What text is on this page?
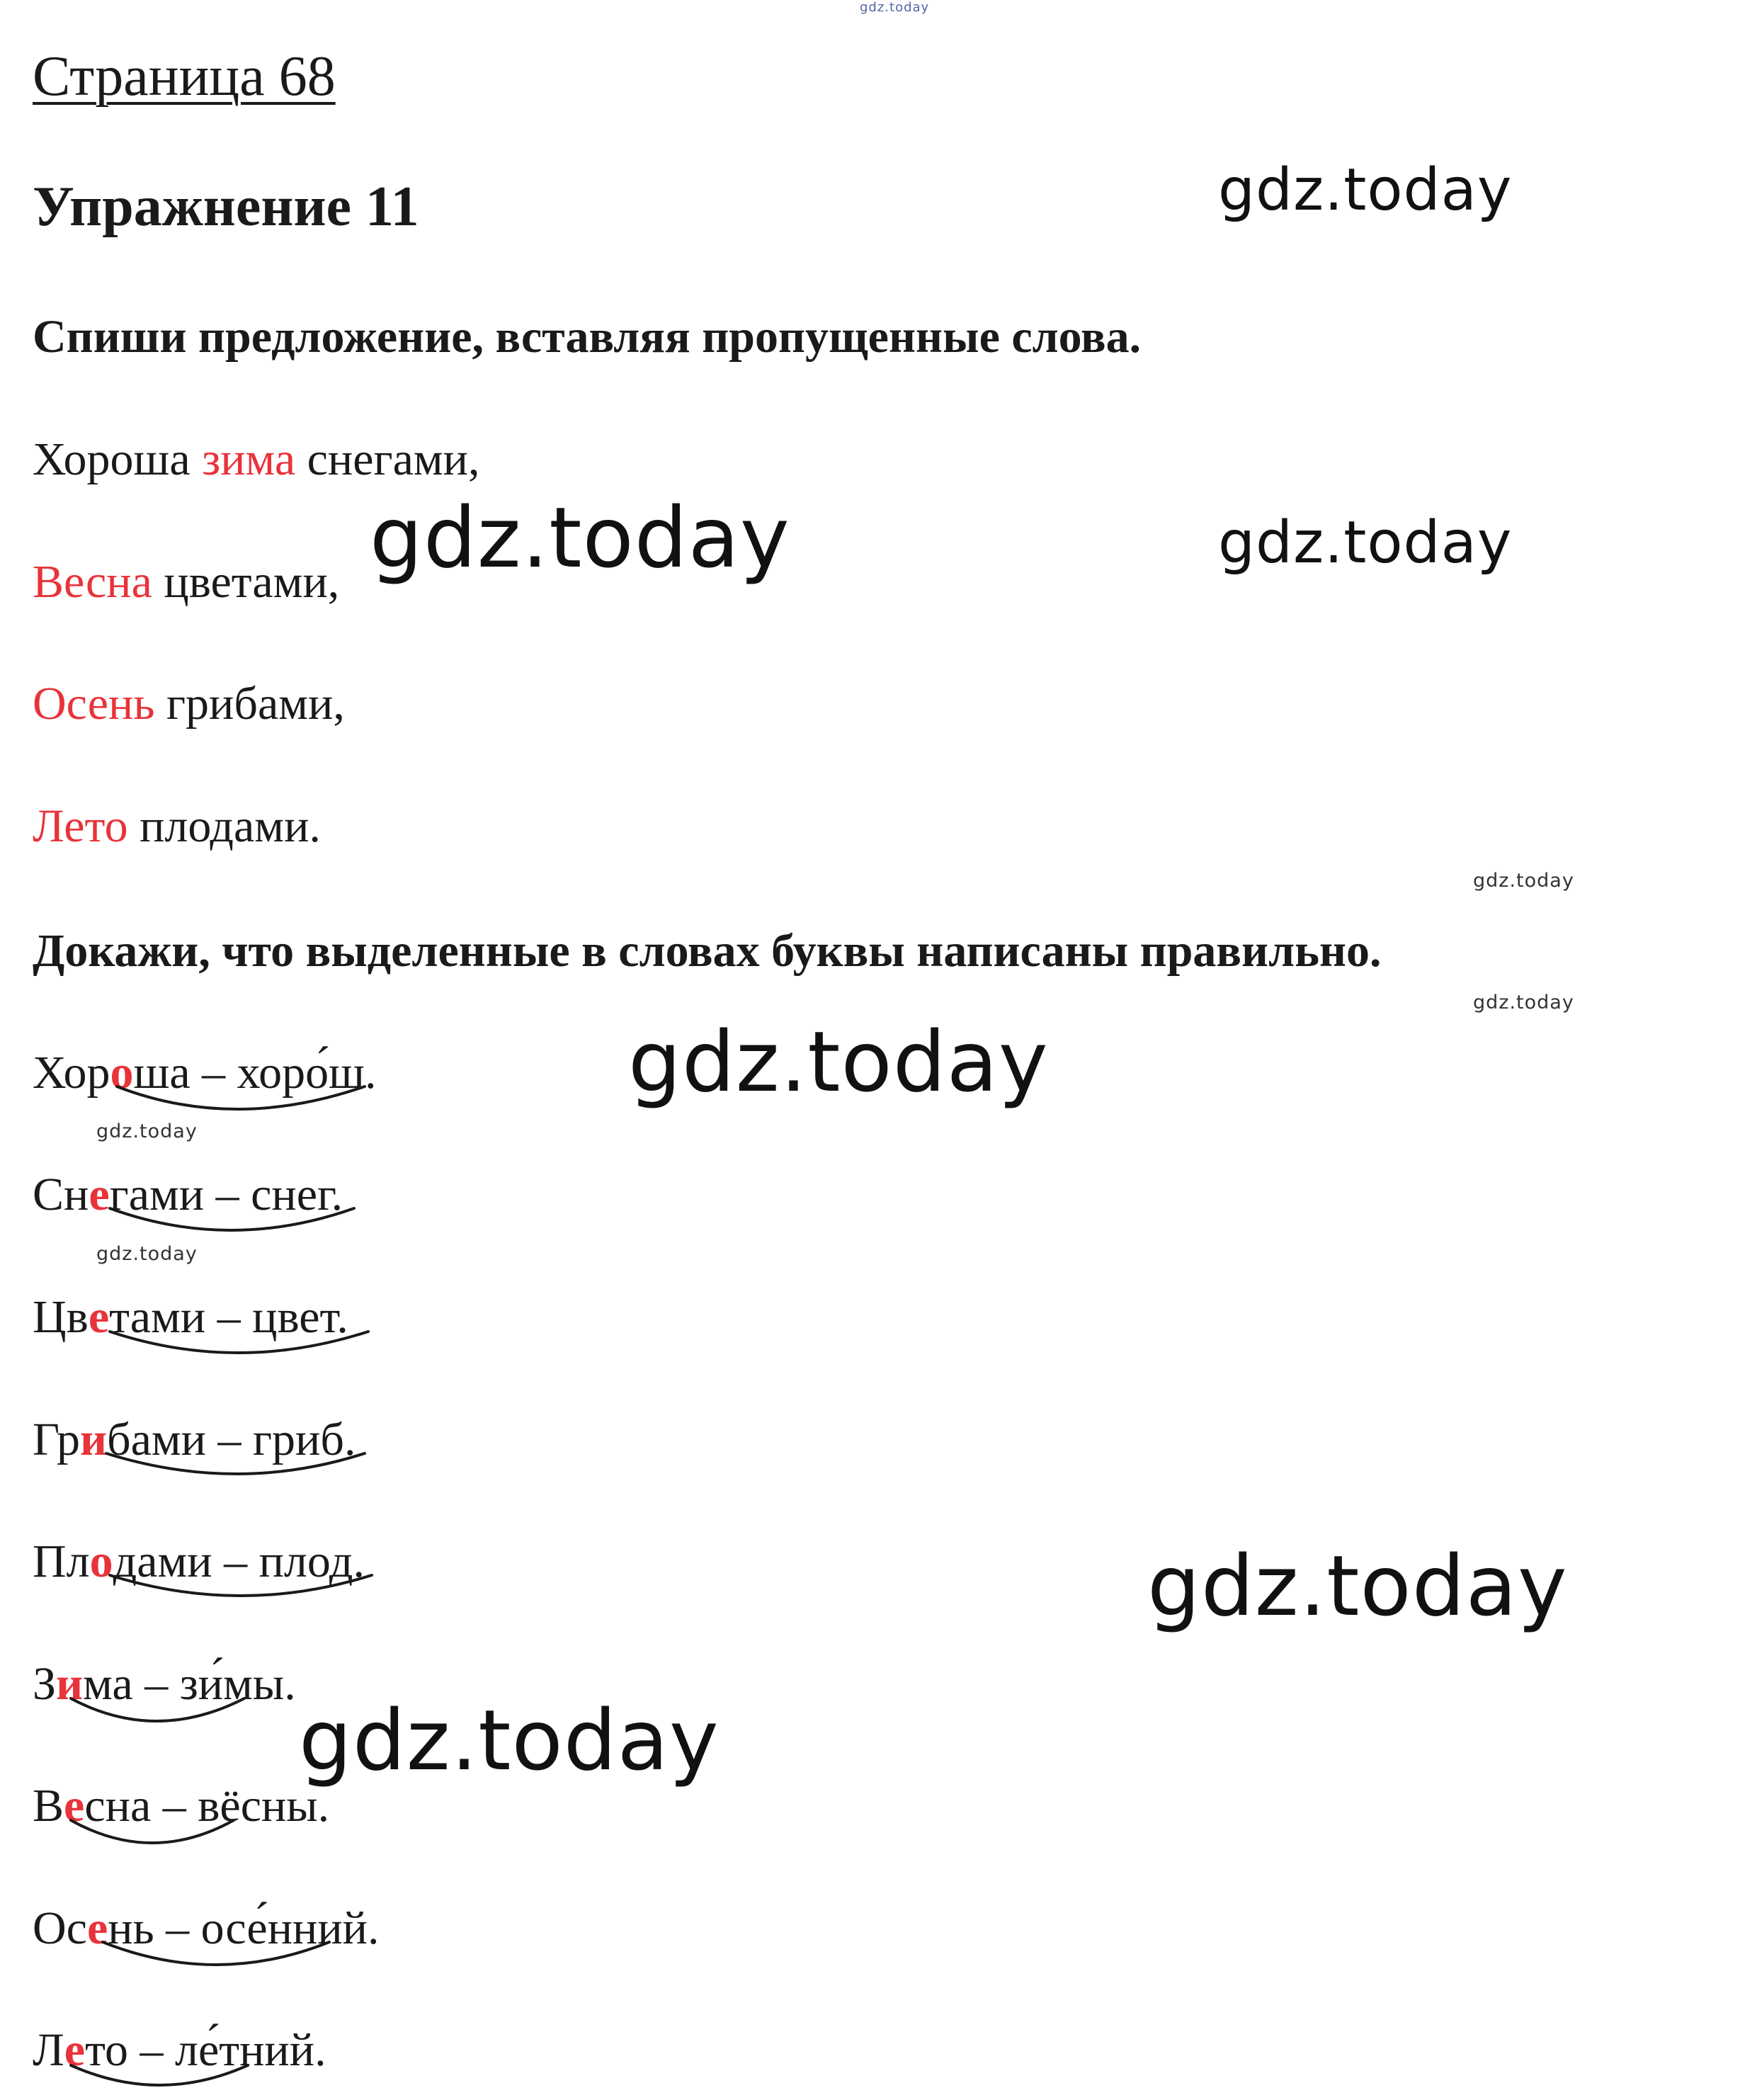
gdz.today
Страница 68
Упражнение 11
Спиши предложение, вставляя пропущенные слова.
Хороша зима снегами,
Весна цветами,
Осень грибами,
Лето плодами.
Докажи, что выделенные в словах буквы написаны правильно.
Хороша – хоро́ш.
Снегами – снег.
Цветами – цвет.
Грибами – гриб.
Плодами – плод.
Зима – зи́мы.
Весна – вёсны.
Осень – осе́нний.
Лето – ле́тний.
gdz.today
gdz.today	gdz.today
gdz.today
gdz.today
gdz.today
gdz.today
gdz.today
gdz.today
gdz.today
